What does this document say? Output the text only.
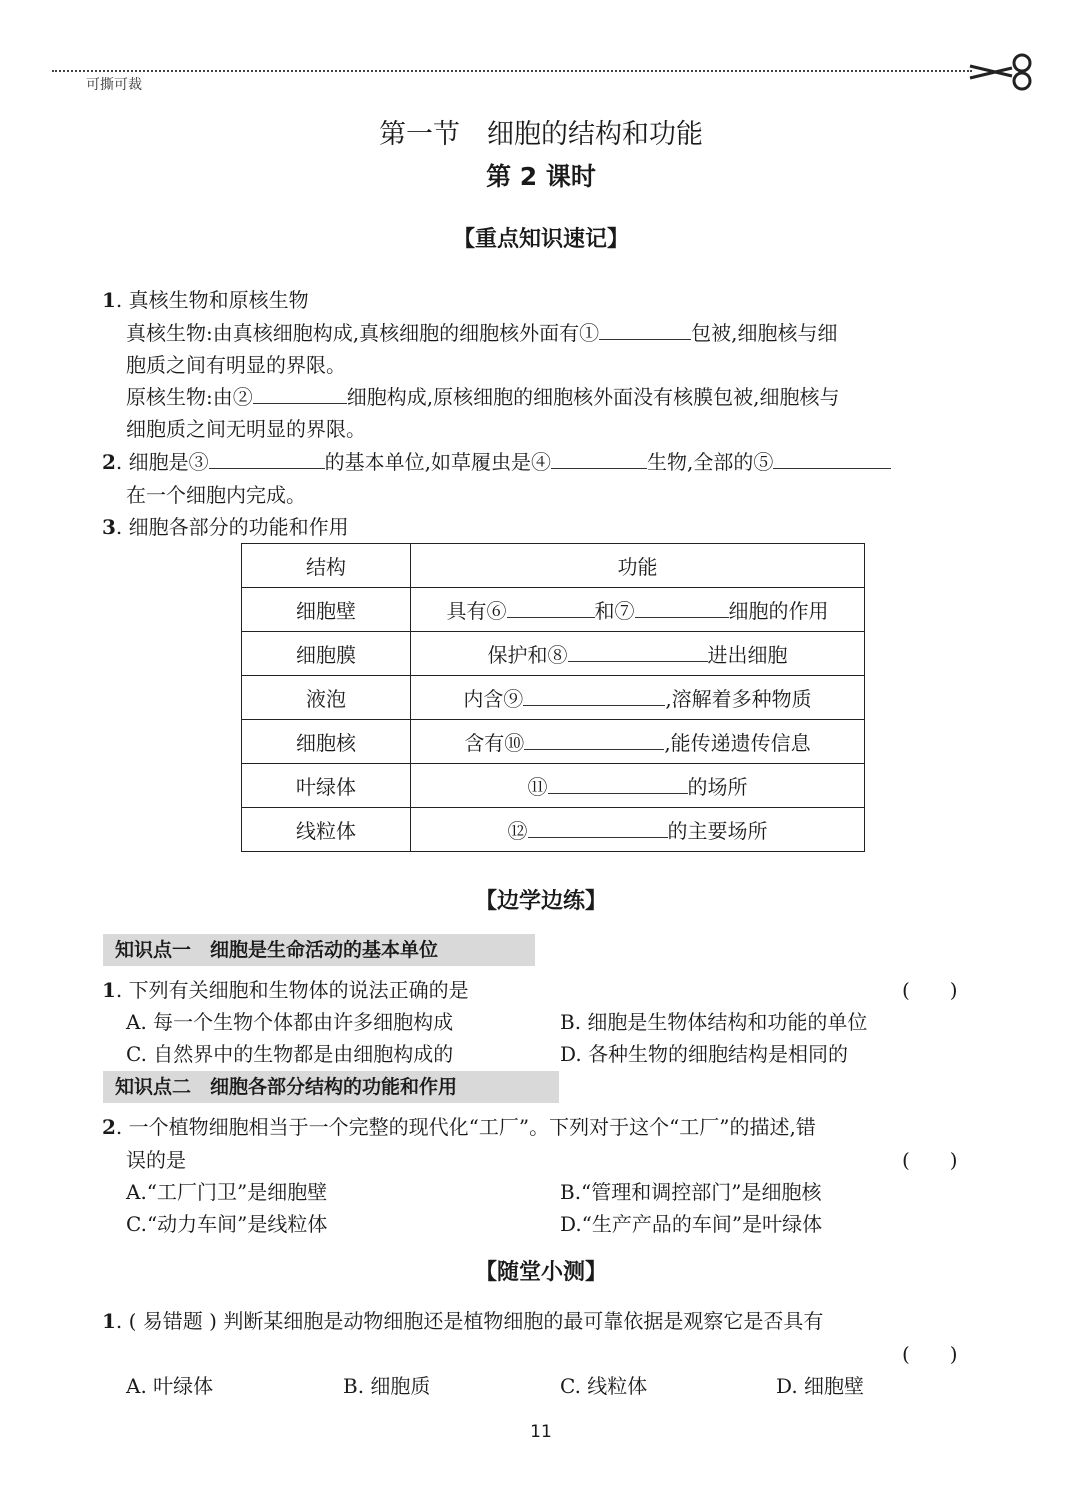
可撕可裁
第一节　细胞的结构和功能
第 2 课时
【重点知识速记】
1. 真核生物和原核生物
真核生物:由真核细胞构成,真核细胞的细胞核外面有①	包被,细胞核与细
胞质之间有明显的界限。
原核生物:由②	细胞构成,原核细胞的细胞核外面没有核膜包被,细胞核与
细胞质之间无明显的界限。
2. 细胞是③	的基本单位,如草履虫是④	生物,全部的⑤
在一个细胞内完成。
3. 细胞各部分的功能和作用
结构	功能
细胞壁	具有⑥ 和⑦ 细胞的作用
细胞膜	保护和⑧ 进出细胞
液泡	内含⑨ ,溶解着多种物质
细胞核	含有⑩ ,能传递遗传信息
叶绿体	⑪ 的场所
线粒体	⑫ 的主要场所
【边学边练】
知识点一　细胞是生命活动的基本单位
1. 下列有关细胞和生物体的说法正确的是	(　　)
A. 每一个生物个体都由许多细胞构成	B. 细胞是生物体结构和功能的单位
C. 自然界中的生物都是由细胞构成的	D. 各种生物的细胞结构是相同的
知识点二　细胞各部分结构的功能和作用
2. 一个植物细胞相当于一个完整的现代化“工厂”。下列对于这个“工厂”的描述,错
误的是	(　　)
A.“工厂门卫”是细胞壁	B.“管理和调控部门”是细胞核
C.“动力车间”是线粒体	D.“生产产品的车间”是叶绿体
【随堂小测】
1. ( 易错题 ) 判断某细胞是动物细胞还是植物细胞的最可靠依据是观察它是否具有
(　　)
A. 叶绿体	B. 细胞质	C. 线粒体	D. 细胞壁
11
